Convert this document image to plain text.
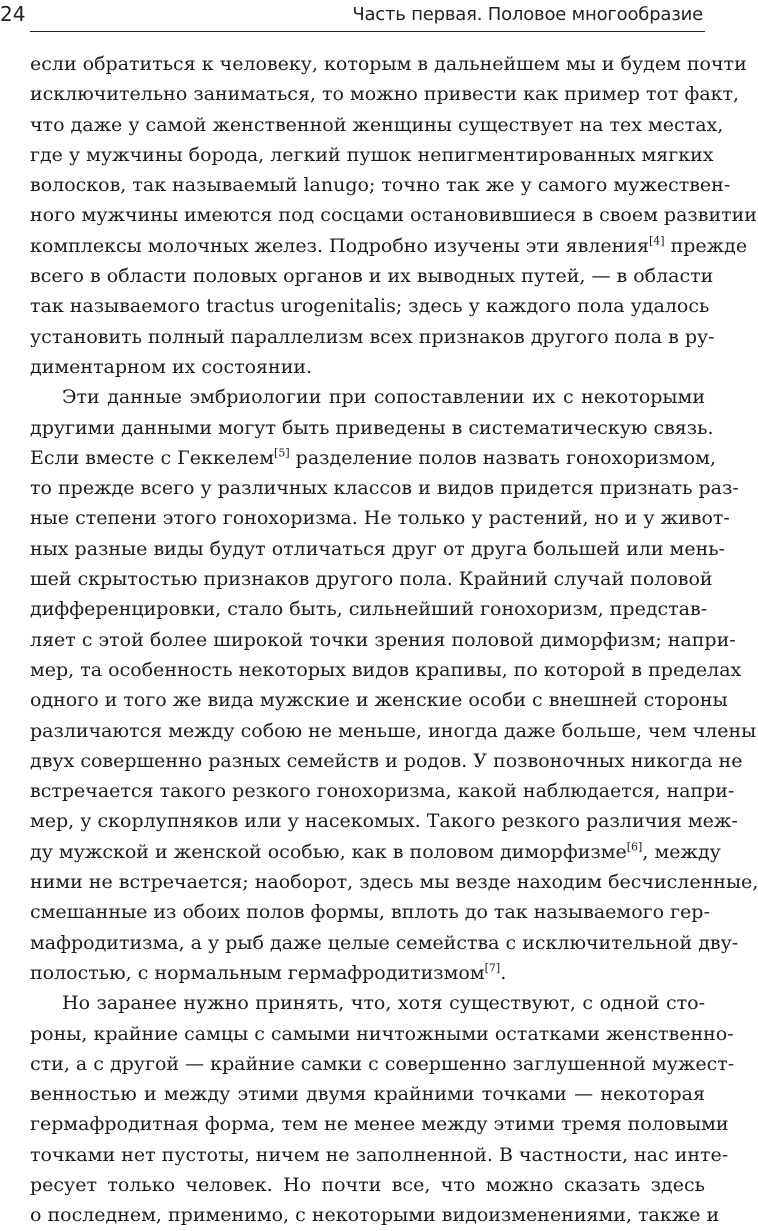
24	Часть первая. Половое многообразие
если обратиться к человеку, которым в дальнейшем мы и будем почти
исключительно заниматься, то можно привести как пример тот факт,
что даже у самой женственной женщины существует на тех местах,
где у мужчины борода, легкий пушок непигментированных мягких
волосков, так называемый lanugo; точно так же у самого мужествен-
ного мужчины имеются под сосцами остановившиеся в своем развитии
комплексы молочных желез. Подробно изучены эти явления[4] прежде
всего в области половых органов и их выводных путей, — в области
так называемого tractus urogenitalis; здесь у каждого пола удалось
установить полный параллелизм всех признаков другого пола в ру-
диментарном их состоянии.
Эти данные эмбриологии при сопоставлении их с некоторыми
другими данными могут быть приведены в систематическую связь.
Если вместе с Геккелем[5] разделение полов назвать гонохоризмом,
то прежде всего у различных классов и видов придется признать раз-
ные степени этого гонохоризма. Не только у растений, но и у живот-
ных разные виды будут отличаться друг от друга большей или мень-
шей скрытостью признаков другого пола. Крайний случай половой
дифференцировки, стало быть, сильнейший гонохоризм, представ-
ляет с этой более широкой точки зрения половой диморфизм; напри-
мер, та особенность некоторых видов крапивы, по которой в пределах
одного и того же вида мужские и женские особи с внешней стороны
различаются между собою не меньше, иногда даже больше, чем члены
двух совершенно разных семейств и родов. У позвоночных никогда не
встречается такого резкого гонохоризма, какой наблюдается, напри-
мер, у скорлупняков или у насекомых. Такого резкого различия меж-
ду мужской и женской особью, как в половом диморфизме[6], между
ними не встречается; наоборот, здесь мы везде находим бесчисленные,
смешанные из обоих полов формы, вплоть до так называемого гер-
мафродитизма, а у рыб даже целые семейства с исключительной дву-
полостью, с нормальным гермафродитизмом[7].
Но заранее нужно принять, что, хотя существуют, с одной сто-
роны, крайние самцы с самыми ничтожными остатками женственно-
сти, а с другой — крайние самки с совершенно заглушенной мужест-
венностью и между этими двумя крайними точками — некоторая
гермафродитная форма, тем не менее между этими тремя половыми
точками нет пустоты, ничем не заполненной. В частности, нас инте-
ресует только человек. Но почти все, что можно сказать здесь
о последнем, применимо, с некоторыми видоизменениями, также и
